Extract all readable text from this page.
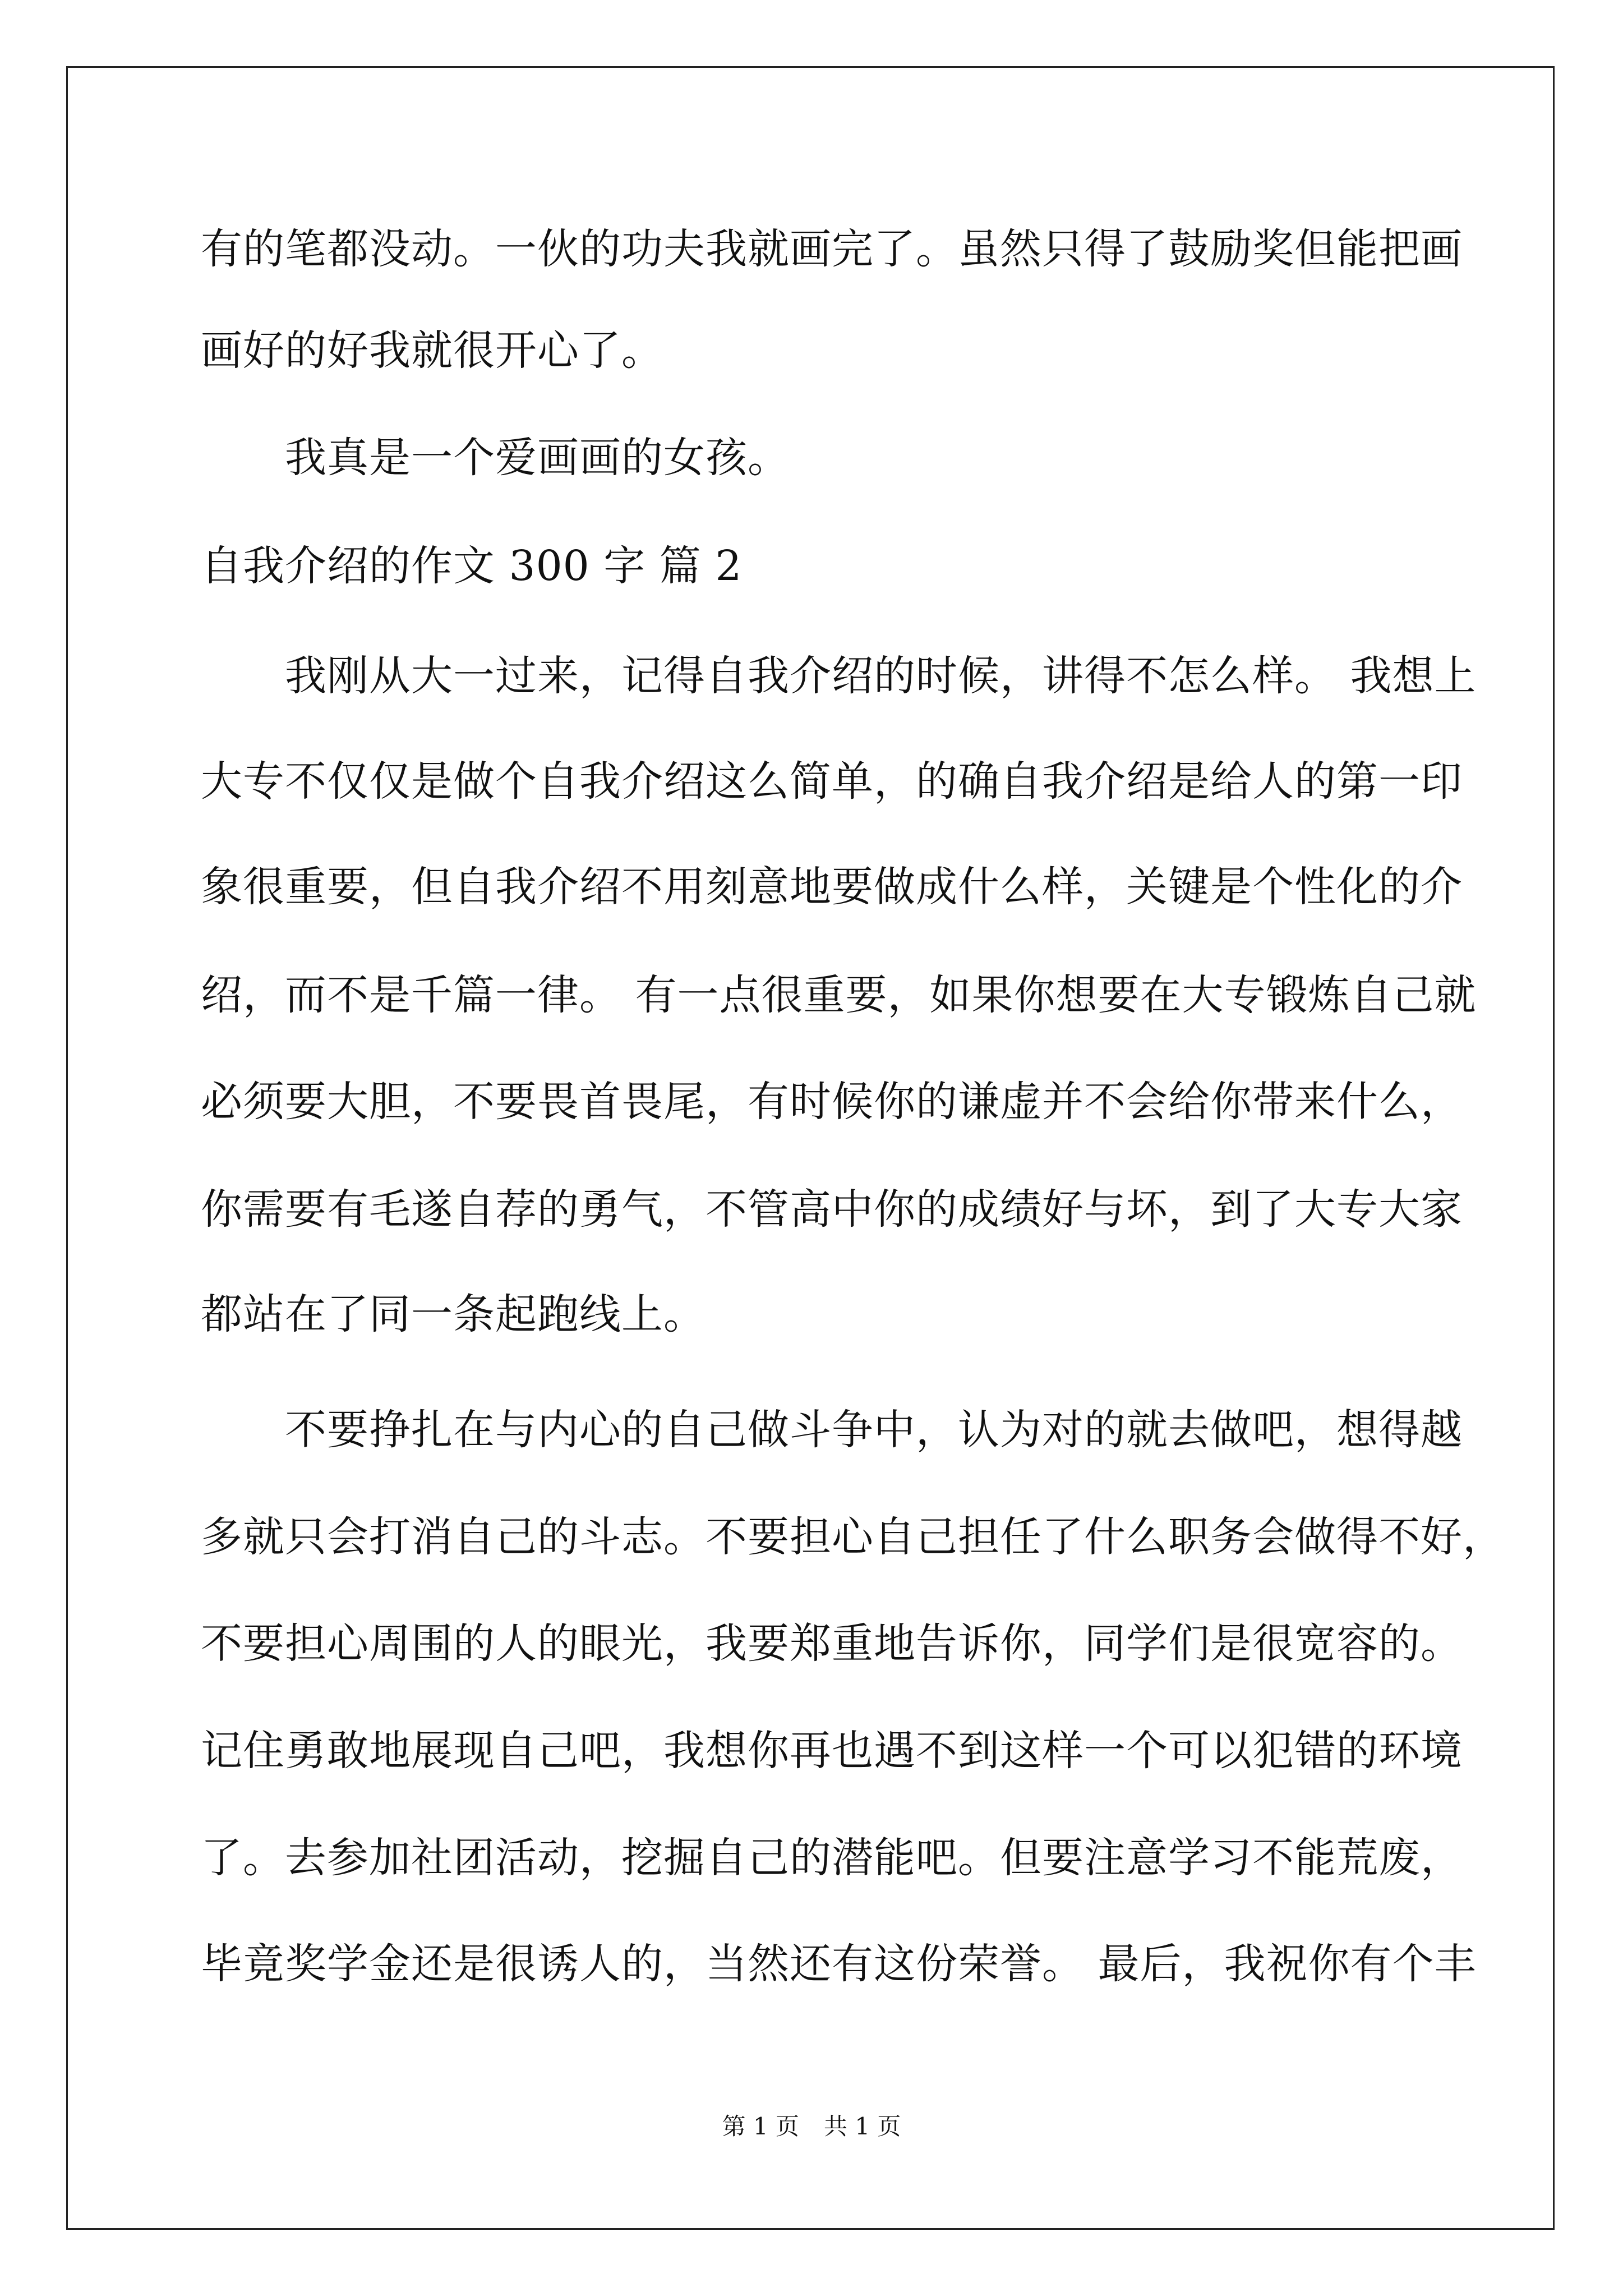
有的笔都没动。一伙的功夫我就画完了。虽然只得了鼓励奖但能把画
画好的好我就很开心了。
　　我真是一个爱画画的女孩。
自我介绍的作文 300 字 篇 2
　　我刚从大一过来，记得自我介绍的时候，讲得不怎么样。 我想上
大专不仅仅是做个自我介绍这么简单，的确自我介绍是给人的第一印
象很重要，但自我介绍不用刻意地要做成什么样，关键是个性化的介
绍，而不是千篇一律。 有一点很重要，如果你想要在大专锻炼自己就
必须要大胆，不要畏首畏尾，有时候你的谦虚并不会给你带来什么，
你需要有毛遂自荐的勇气，不管高中你的成绩好与坏，到了大专大家
都站在了同一条起跑线上。
　　不要挣扎在与内心的自己做斗争中，认为对的就去做吧，想得越
多就只会打消自己的斗志。不要担心自己担任了什么职务会做得不好，
不要担心周围的人的眼光，我要郑重地告诉你，同学们是很宽容的。
记住勇敢地展现自己吧，我想你再也遇不到这样一个可以犯错的环境
了。去参加社团活动，挖掘自己的潜能吧。但要注意学习不能荒废，
毕竟奖学金还是很诱人的，当然还有这份荣誉。 最后，我祝你有个丰
第 1 页 共 1 页
